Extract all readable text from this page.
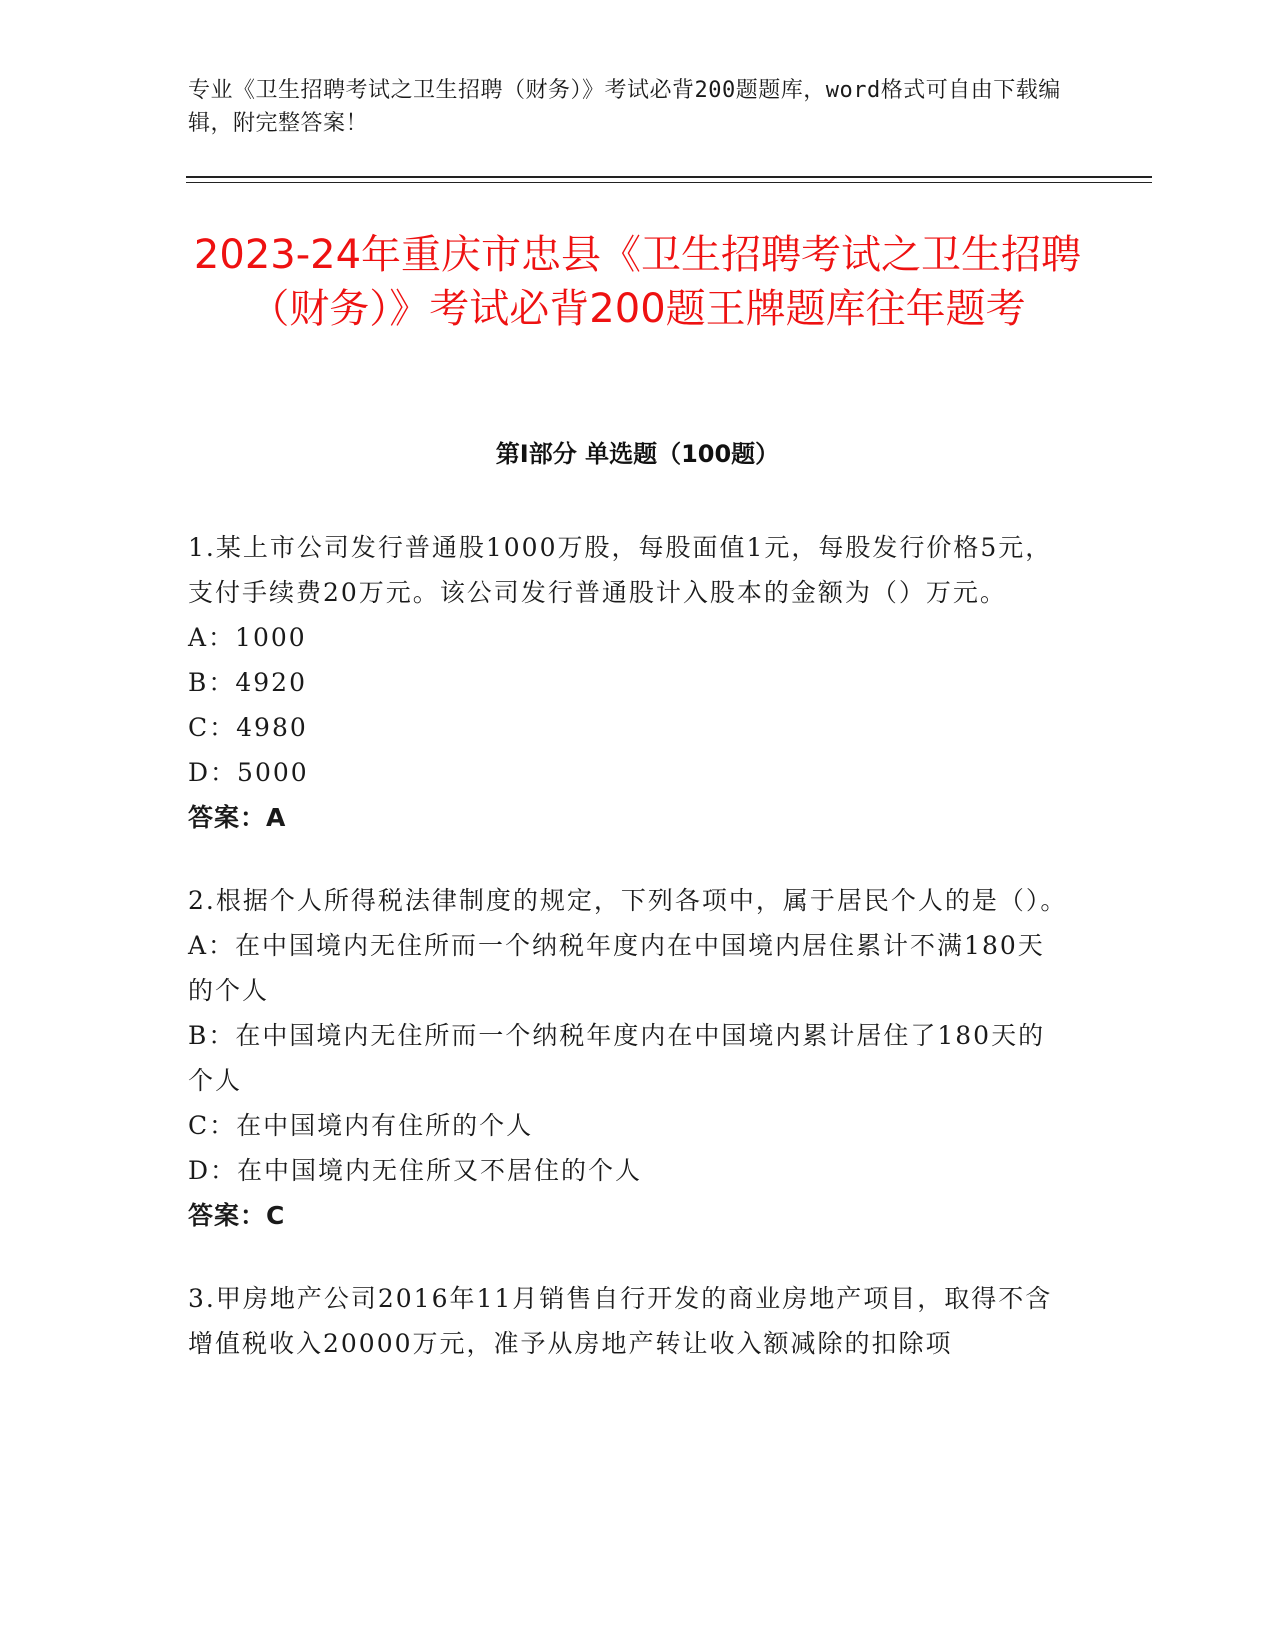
专业《卫生招聘考试之卫生招聘（财务）》考试必背200题题库，word格式可自由下载编辑，附完整答案！
2023-24年重庆市忠县《卫生招聘考试之卫生招聘（财务）》考试必背200题王牌题库往年题考
第Ⅰ部分 单选题（100题）
1.某上市公司发行普通股1000万股，每股面值1元，每股发行价格5元，支付手续费20万元。该公司发行普通股计入股本的金额为（）万元。
A：1000
B：4920
C：4980
D：5000
答案：A
2.根据个人所得税法律制度的规定，下列各项中，属于居民个人的是（）。
A：在中国境内无住所而一个纳税年度内在中国境内居住累计不满180天的个人
B：在中国境内无住所而一个纳税年度内在中国境内累计居住了180天的个人
C：在中国境内有住所的个人
D：在中国境内无住所又不居住的个人
答案：C
3.甲房地产公司2016年11月销售自行开发的商业房地产项目，取得不含增值税收入20000万元，准予从房地产转让收入额减除的扣除项
